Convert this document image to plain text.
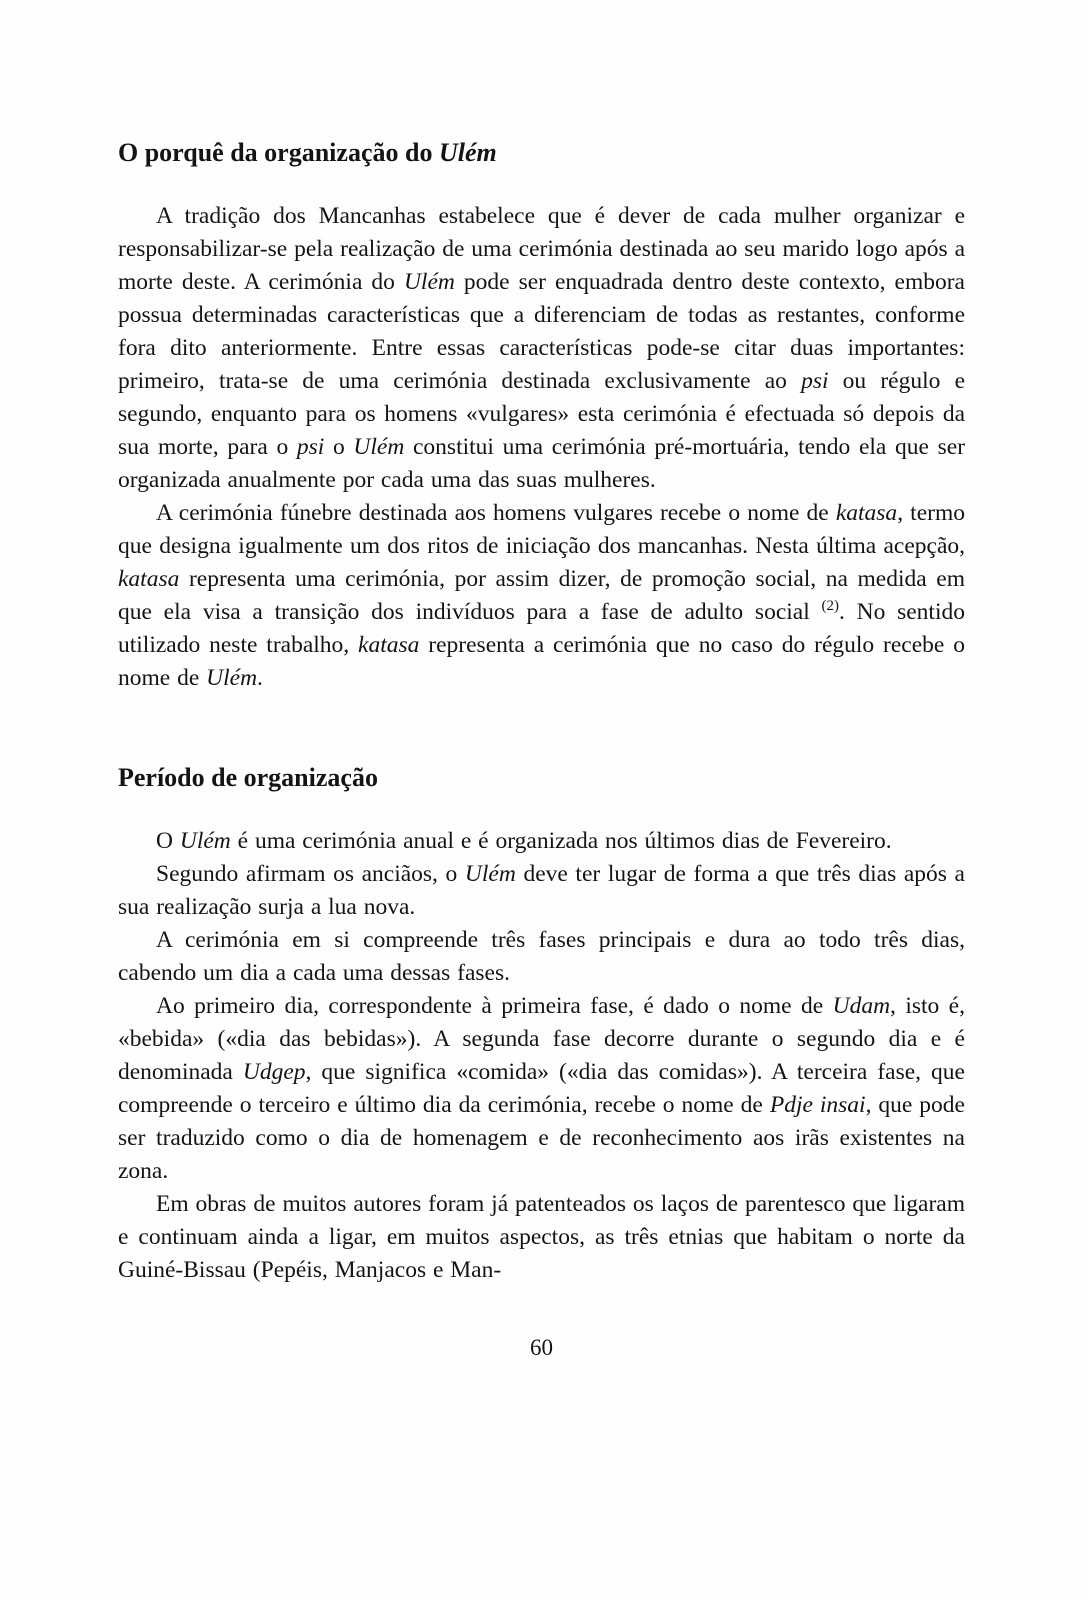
O porquê da organização do Ulém

A tradição dos Mancanhas estabelece que é dever de cada mulher organizar e responsabilizar-se pela realização de uma cerimónia destinada ao seu marido logo após a morte deste. A cerimónia do Ulém pode ser enquadrada dentro deste contexto, embora possua determinadas características que a diferenciam de todas as restantes, conforme fora dito anteriormente. Entre essas características pode-se citar duas importantes: primeiro, trata-se de uma cerimónia destinada exclusivamente ao psi ou régulo e segundo, enquanto para os homens «vulgares» esta cerimónia é efectuada só depois da sua morte, para o psi o Ulém constitui uma cerimónia pré-mortuária, tendo ela que ser organizada anualmente por cada uma das suas mulheres.

A cerimónia fúnebre destinada aos homens vulgares recebe o nome de katasa, termo que designa igualmente um dos ritos de iniciação dos mancanhas. Nesta última acepção, katasa representa uma cerimónia, por assim dizer, de promoção social, na medida em que ela visa a transição dos indivíduos para a fase de adulto social $^{(2)}$. No sentido utilizado neste trabalho, katasa representa a cerimónia que no caso do régulo recebe o nome de Ulém.

Período de organização

O Ulém é uma cerimónia anual e é organizada nos últimos dias de Fevereiro.

Segundo afirmam os anciãos, o Ulém deve ter lugar de forma a que três dias após a sua realização surja a lua nova.

A cerimónia em si compreende três fases principais e dura ao todo três dias, cabendo um dia a cada uma dessas fases.

Ao primeiro dia, correspondente à primeira fase, é dado o nome de Udam, isto é, «bebida» («dia das bebidas»). A segunda fase decorre durante o segundo dia e é denominada Udgep, que significa «comida» («dia das comidas»). A terceira fase, que compreende o terceiro e último dia da cerimónia, recebe o nome de Pdje insai, que pode ser traduzido como o dia de homenagem e de reconhecimento aos irãs existentes na zona.

Em obras de muitos autores foram já patenteados os laços de parentesco que ligaram e continuam ainda a ligar, em muitos aspectos, as três etnias que habitam o norte da Guiné-Bissau (Pepéis, Manjacos e Man-

60
